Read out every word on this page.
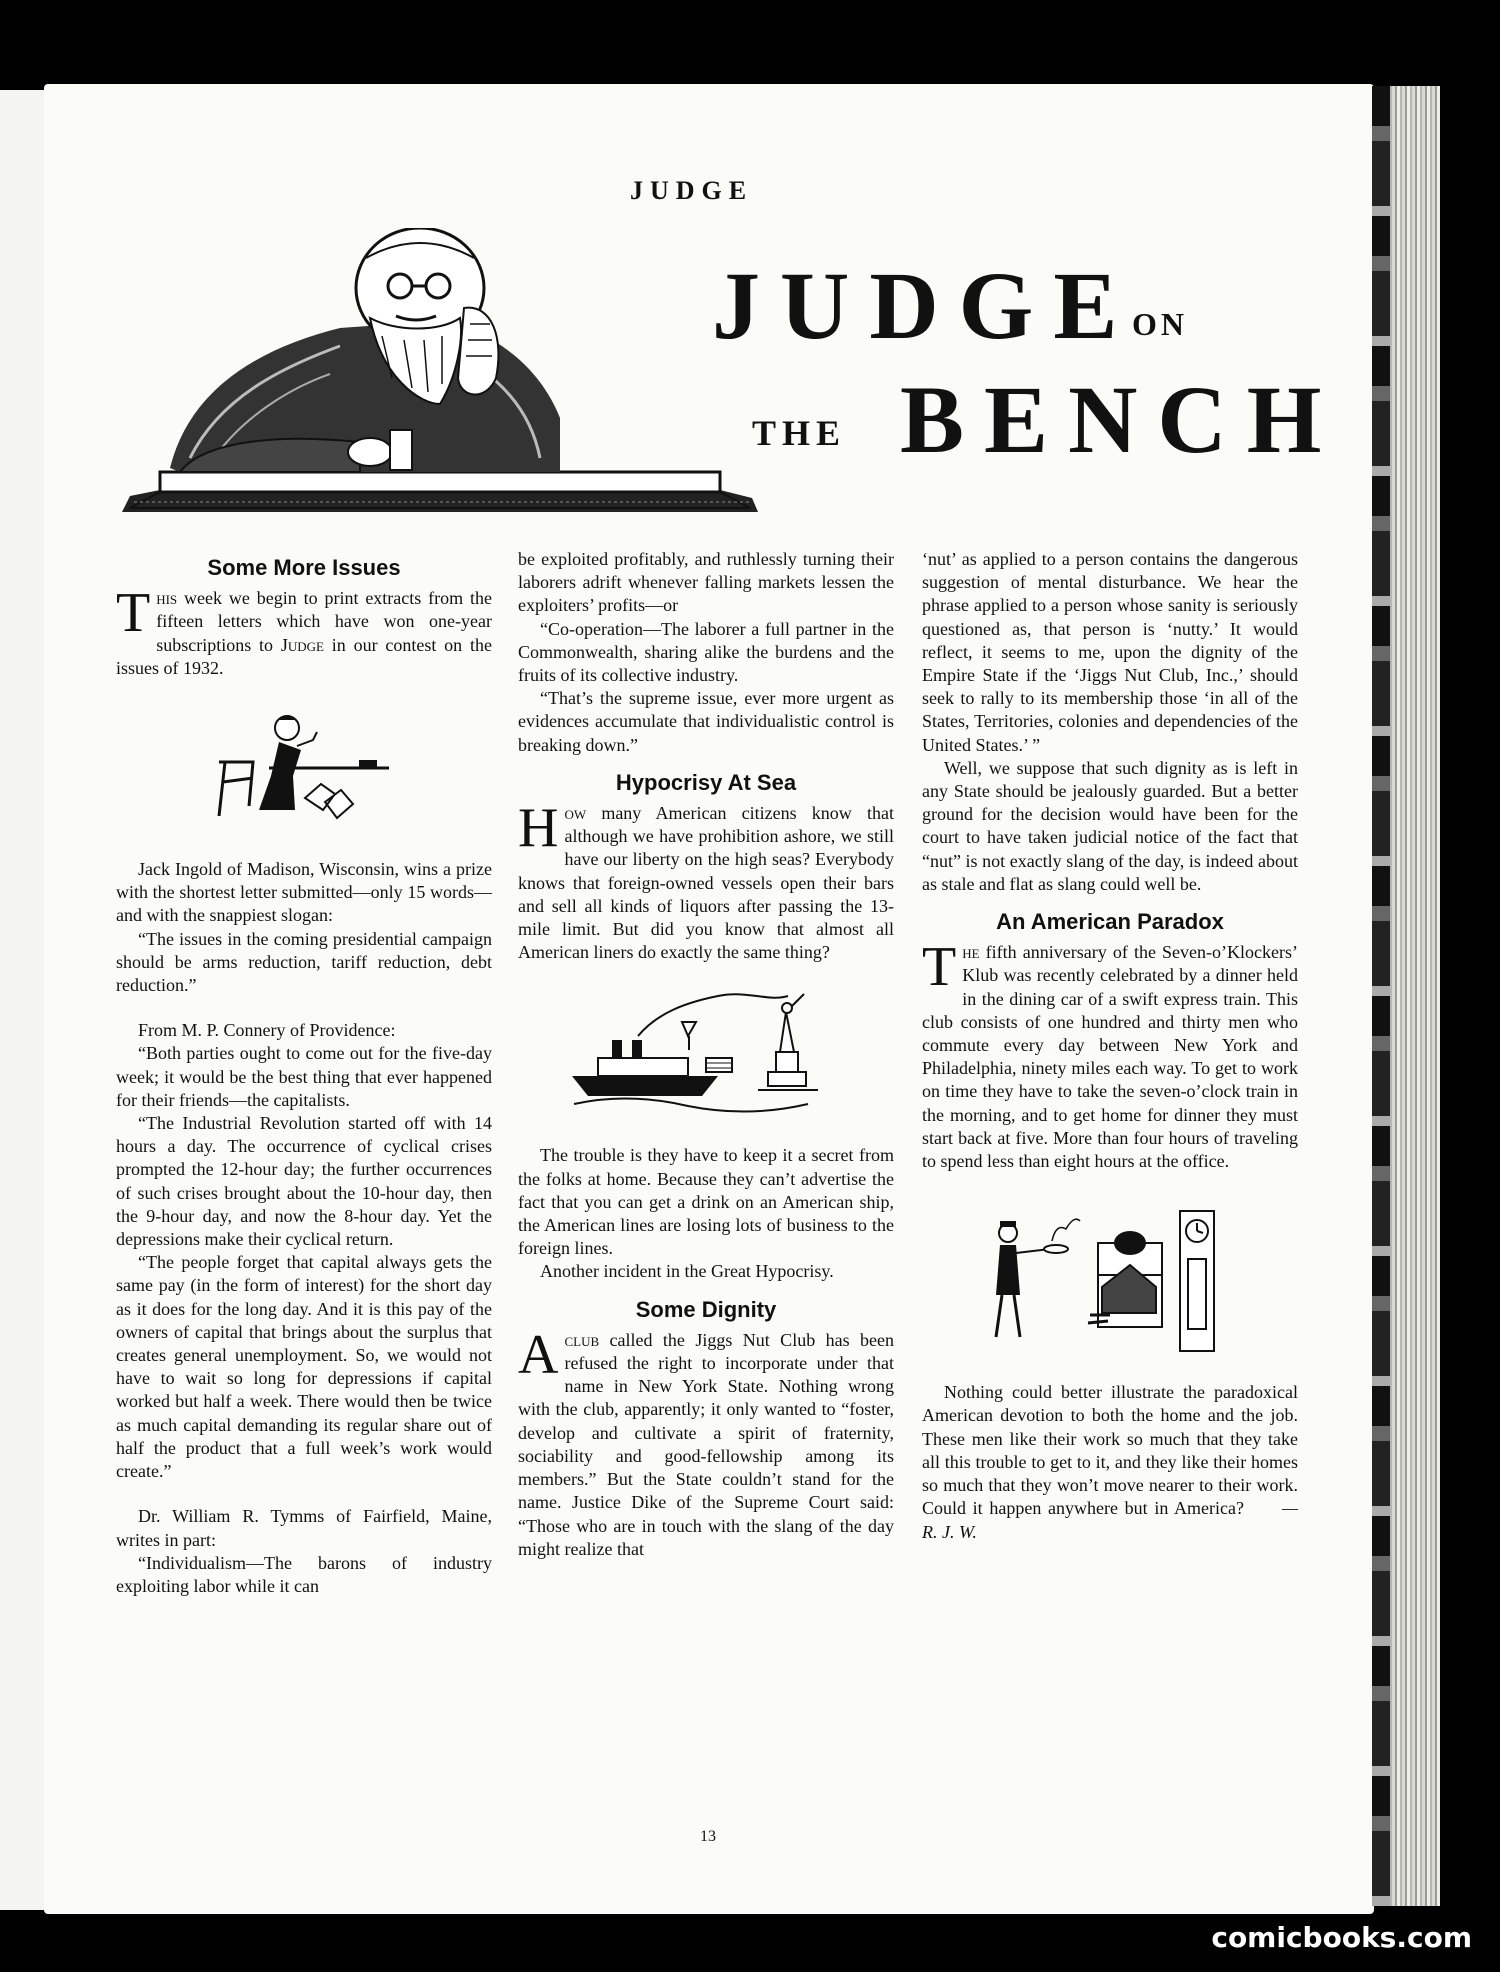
JUDGE
JUDGE
ON
THE BENCH
Some More Issues

This week we begin to print extracts from the fifteen letters which have won one-year subscriptions to Judge in our contest on the issues of 1932.

Jack Ingold of Madison, Wisconsin, wins a prize with the shortest letter submitted—only 15 words—and with the snappiest slogan:

“The issues in the coming presidential campaign should be arms reduction, tariff reduction, debt reduction.”

From M. P. Connery of Providence:

“Both parties ought to come out for the five-day week; it would be the best thing that ever happened for their friends—the capitalists.

“The Industrial Revolution started off with 14 hours a day. The occurrence of cyclical crises prompted the 12-hour day; the further occurrences of such crises brought about the 10-hour day, then the 9-hour day, and now the 8-hour day. Yet the depressions make their cyclical return.

“The people forget that capital always gets the same pay (in the form of interest) for the short day as it does for the long day. And it is this pay of the owners of capital that brings about the surplus that creates general unemployment. So, we would not have to wait so long for depressions if capital worked but half a week. There would then be twice as much capital demanding its regular share out of half the product that a full week’s work would create.”

Dr. William R. Tymms of Fairfield, Maine, writes in part:

“Individualism—The barons of industry exploiting labor while it can

be exploited profitably, and ruthlessly turning their laborers adrift whenever falling markets lessen the exploiters’ profits—or

“Co-operation—The laborer a full partner in the Commonwealth, sharing alike the burdens and the fruits of its collective industry.

“That’s the supreme issue, ever more urgent as evidences accumulate that individualistic control is breaking down.”

Hypocrisy At Sea

How many American citizens know that although we have prohibition ashore, we still have our liberty on the high seas? Everybody knows that foreign-owned vessels open their bars and sell all kinds of liquors after passing the 13-mile limit. But did you know that almost all American liners do exactly the same thing?

The trouble is they have to keep it a secret from the folks at home. Because they can’t advertise the fact that you can get a drink on an American ship, the American lines are losing lots of business to the foreign lines.

Another incident in the Great Hypocrisy.

Some Dignity

Aclub called the Jiggs Nut Club has been refused the right to incorporate under that name in New York State. Nothing wrong with the club, apparently; it only wanted to “foster, develop and cultivate a spirit of fraternity, sociability and good-fellowship among its members.” But the State couldn’t stand for the name. Justice Dike of the Supreme Court said: “Those who are in touch with the slang of the day might realize that

‘nut’ as applied to a person contains the dangerous suggestion of mental disturbance. We hear the phrase applied to a person whose sanity is seriously questioned as, that person is ‘nutty.’ It would reflect, it seems to me, upon the dignity of the Empire State if the ‘Jiggs Nut Club, Inc.,’ should seek to rally to its membership those ‘in all of the States, Territories, colonies and dependencies of the United States.’ ”

Well, we suppose that such dignity as is left in any State should be jealously guarded. But a better ground for the decision would have been for the court to have taken judicial notice of the fact that “nut” is not exactly slang of the day, is indeed about as stale and flat as slang could well be.

An American Paradox

The fifth anniversary of the Seven-o’Klockers’ Klub was recently celebrated by a dinner held in the dining car of a swift express train. This club consists of one hundred and thirty men who commute every day between New York and Philadelphia, ninety miles each way. To get to work on time they have to take the seven-o’clock train in the morning, and to get home for dinner they must start back at five. More than four hours of traveling to spend less than eight hours at the office.

Nothing could better illustrate the paradoxical American devotion to both the home and the job. These men like their work so much that they take all this trouble to get to it, and they like their homes so much that they won’t move nearer to their work. Could it happen anywhere but in America? —R. J. W.

13
comicbooks.com
